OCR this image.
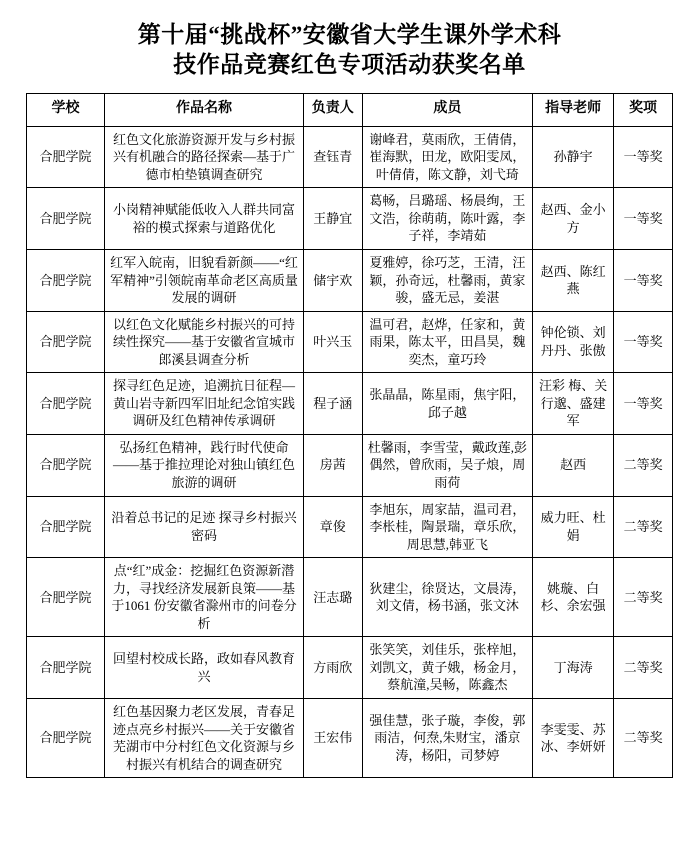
第十届“挑战杯”安徽省大学生课外学术科
技作品竞赛红色专项活动获奖名单
学校	作品名称	负责人	成员	指导老师	奖项
合肥学院	红色文化旅游资源开发与乡村振兴有机融合的路径探索—基于广德市柏垫镇调查研究	查钰青	谢峰君，莫雨欣，王倩倩，崔海默，田龙，欧阳雯凤，叶倩倩，陈文静，刘弋琦	孙静宇	一等奖
合肥学院	小岗精神赋能低收入人群共同富裕的模式探索与道路优化	王静宜	葛畅，吕璐瑶、杨晨绚，王文浩，徐萌萌，陈叶露，李子祥，李靖茹	赵西、金小方	一等奖
合肥学院	红军入皖南，旧貌看新颜——“红军精神”引领皖南革命老区高质量发展的调研	储宇欢	夏雅婷，徐巧芝，王清，汪颖，孙奇远，杜馨雨，黄家骏，盛无忌，姜湛	赵西、陈红燕	一等奖
合肥学院	以红色文化赋能乡村振兴的可持续性探究——基于安徽省宣城市郎溪县调查分析	叶兴玉	温可君，赵烨，任家和，黄雨果，陈太平，田昌昊，魏奕杰，童巧玲	钟伦锁、刘丹丹、张傲	一等奖
合肥学院	探寻红色足迹，追溯抗日征程—黄山岩寺新四军旧址纪念馆实践调研及红色精神传承调研	程子涵	张晶晶，陈星雨，焦宇阳，邱子越	汪彩 梅、关行邈、盛建军	一等奖
合肥学院	弘扬红色精神，践行时代使命——基于推拉理论对独山镇红色旅游的调研	房茜	杜馨雨，李雪莹，戴政莲,彭偶然，曾欣雨，吴子烺，周雨荷	赵西	二等奖
合肥学院	沿着总书记的足迹 探寻乡村振兴密码	章俊	李旭东，周家喆，温司君，李枨桂，陶景瑞，章乐欣，周思慧,韩亚飞	威力旺、杜娟	二等奖
合肥学院	点“红”成金：挖掘红色资源新潜力，寻找经济发展新良策——基于1061 份安徽省滁州市的问卷分析	汪志璐	狄建尘，徐贤达，文晨涛，刘文倩，杨书涵，张文沐	姚璇、白杉、余宏强	二等奖
合肥学院	回望村校成长路，政如春风教育兴	方雨欣	张笑笑，刘佳乐，张梓旭，刘凯文，黄子娥，杨金月，蔡航潼,吴畅，陈鑫杰	丁海涛	二等奖
合肥学院	红色基因聚力老区发展，青春足迹点亮乡村振兴——关于安徽省芜湖市中分村红色文化资源与乡村振兴有机结合的调查研究	王宏伟	强佳慧，张子璇，李俊，郭雨洁，何焘,朱财宝，潘京涛，杨阳，司梦婷	李雯雯、苏冰、李妍妍	二等奖
